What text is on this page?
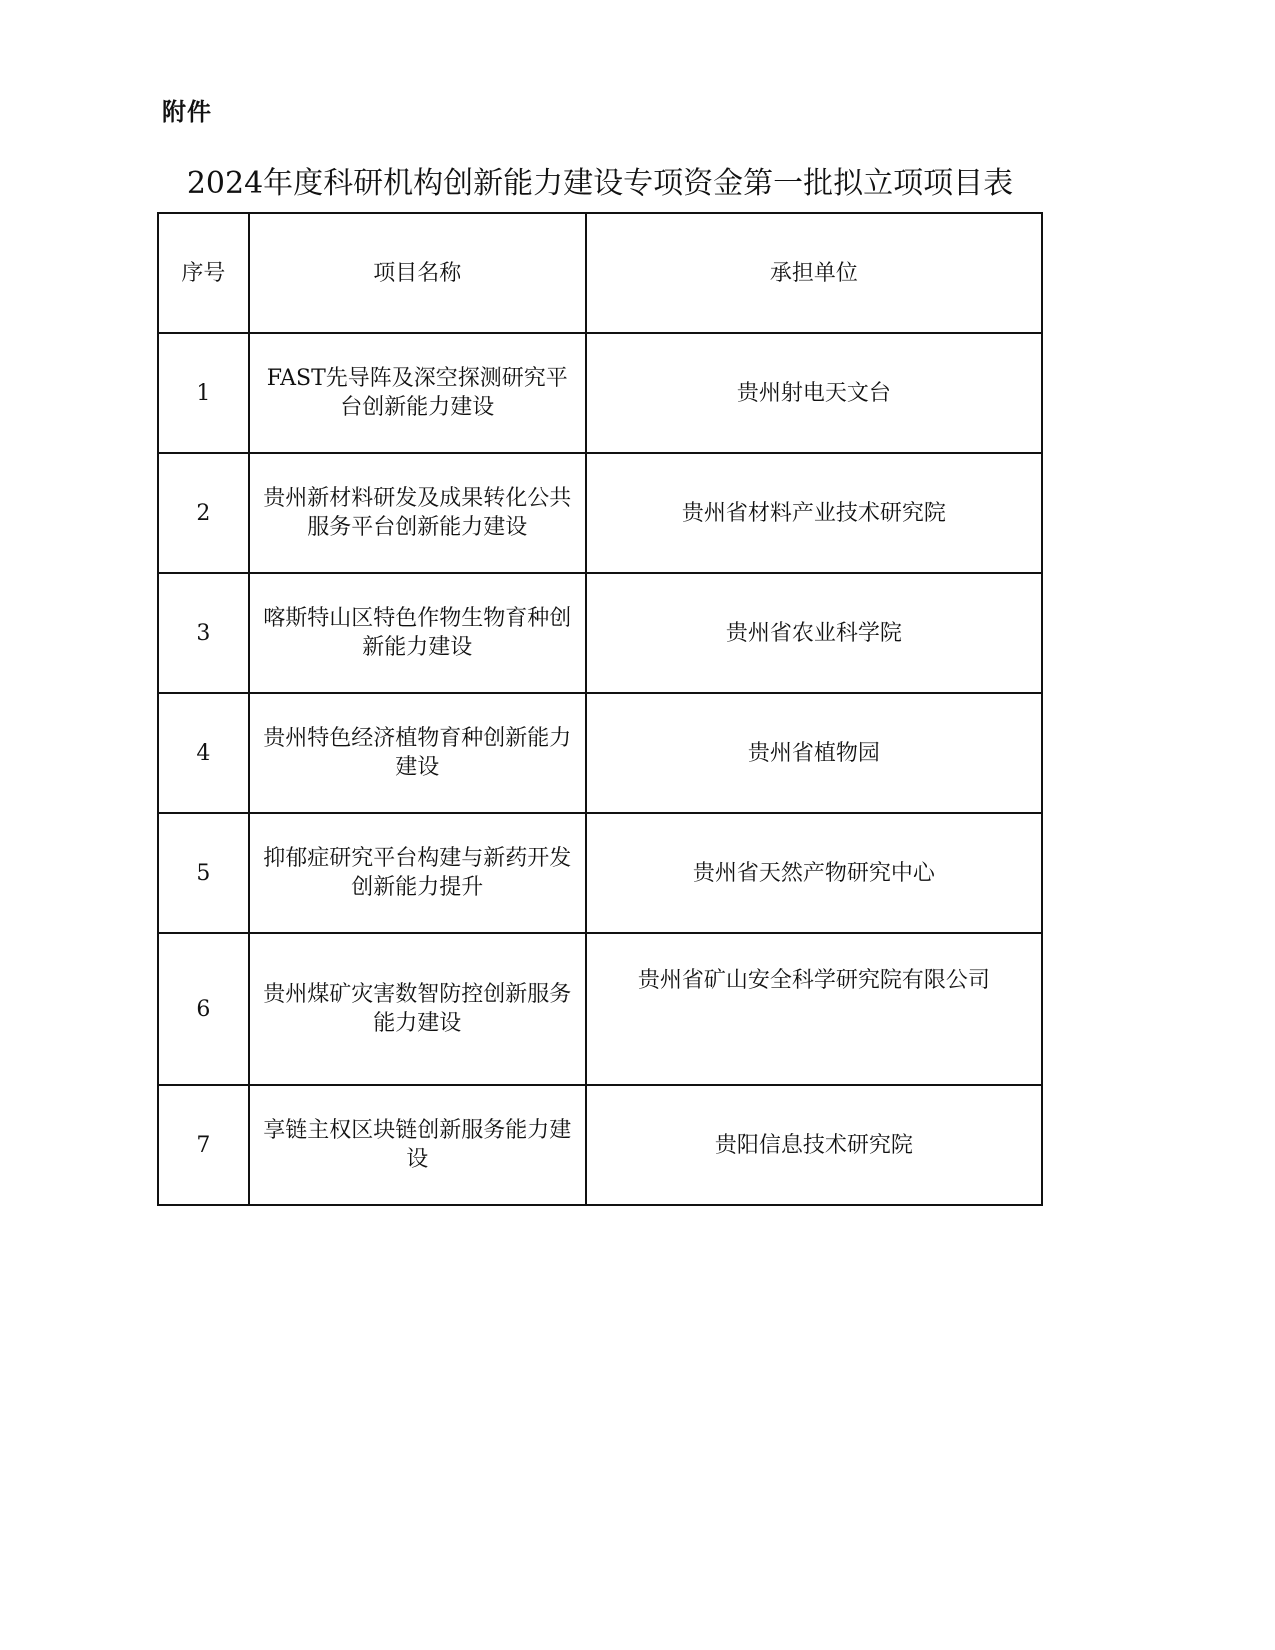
附件
2024年度科研机构创新能力建设专项资金第一批拟立项项目表
序号	项目名称	承担单位
1	FAST先导阵及深空探测研究平台创新能力建设	贵州射电天文台
2	贵州新材料研发及成果转化公共服务平台创新能力建设	贵州省材料产业技术研究院
3	喀斯特山区特色作物生物育种创新能力建设	贵州省农业科学院
4	贵州特色经济植物育种创新能力建设	贵州省植物园
5	抑郁症研究平台构建与新药开发创新能力提升	贵州省天然产物研究中心
6	贵州煤矿灾害数智防控创新服务能力建设	贵州省矿山安全科学研究院有限公司
7	享链主权区块链创新服务能力建设	贵阳信息技术研究院
